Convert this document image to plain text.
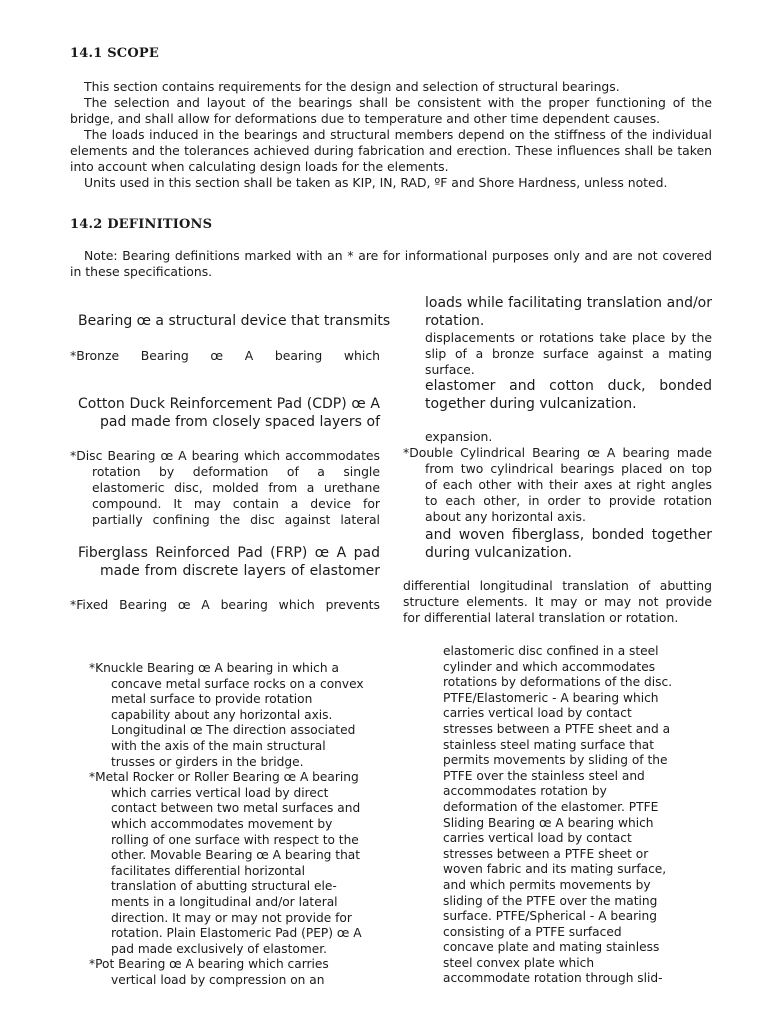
14.1 SCOPE

This section contains requirements for the design and selection of structural bearings.

The selection and layout of the bearings shall be consistent with the proper functioning of the bridge, and shall allow for deformations due to temperature and other time dependent causes.

The loads induced in the bearings and structural members depend on the stiffness of the individual elements and the tolerances achieved during fabrication and erection. These influences shall be taken into account when calculating design loads for the elements.

Units used in this section shall be taken as KIP, IN, RAD, ºF and Shore Hardness, unless noted.

14.2 DEFINITIONS

Note: Bearing definitions marked with an * are for informational purposes only and are not covered in these specifications.

Bearing œ a structural device that transmits
*Bronze Bearing œ A bearing which
Cotton Duck Reinforcement Pad (CDP) œ A
pad made from closely spaced layers of
*Disc Bearing œ A bearing which accommodates
rotation by deformation of a single
elastomeric disc, molded from a urethane
compound. It may contain a device for
partially confining the disc against lateral
Fiberglass Reinforced Pad (FRP) œ A pad
made from discrete layers of elastomer
*Fixed Bearing œ A bearing which prevents
loads while facilitating translation and/or
rotation.
displacements or rotations take place by the
slip of a bronze surface against a mating
surface.
elastomer and cotton duck, bonded
together during vulcanization.
expansion.
*Double Cylindrical Bearing œ A bearing made
from two cylindrical bearings placed on top
of each other with their axes at right angles
to each other, in order to provide rotation
about any horizontal axis.
and woven fiberglass, bonded together
during vulcanization.
differential longitudinal translation of abutting
structure elements. It may or may not provide
for differential lateral translation or rotation.
*Knuckle Bearing œ A bearing in which a
concave metal surface rocks on a convex
metal surface to provide rotation
capability about any horizontal axis.
Longitudinal œ The direction associated
with the axis of the main structural
trusses or girders in the bridge.
*Metal Rocker or Roller Bearing œ A bearing
which carries vertical load by direct
contact between two metal surfaces and
which accommodates movement by
rolling of one surface with respect to the
other. Movable Bearing œ A bearing that
facilitates differential horizontal
translation of abutting structural ele-
ments in a longitudinal and/or lateral
direction. It may or may not provide for
rotation. Plain Elastomeric Pad (PEP) œ A
pad made exclusively of elastomer.
*Pot Bearing œ A bearing which carries
vertical load by compression on an
elastomeric disc confined in a steel
cylinder and which accommodates
rotations by deformations of the disc.
PTFE/Elastomeric - A bearing which
carries vertical load by contact
stresses between a PTFE sheet and a
stainless steel mating surface that
permits movements by sliding of the
PTFE over the stainless steel and
accommodates rotation by
deformation of the elastomer. PTFE
Sliding Bearing œ A bearing which
carries vertical load by contact
stresses between a PTFE sheet or
woven fabric and its mating surface,
and which permits movements by
sliding of the PTFE over the mating
surface. PTFE/Spherical - A bearing
consisting of a PTFE surfaced
concave plate and mating stainless
steel convex plate which
accommodate rotation through slid-
